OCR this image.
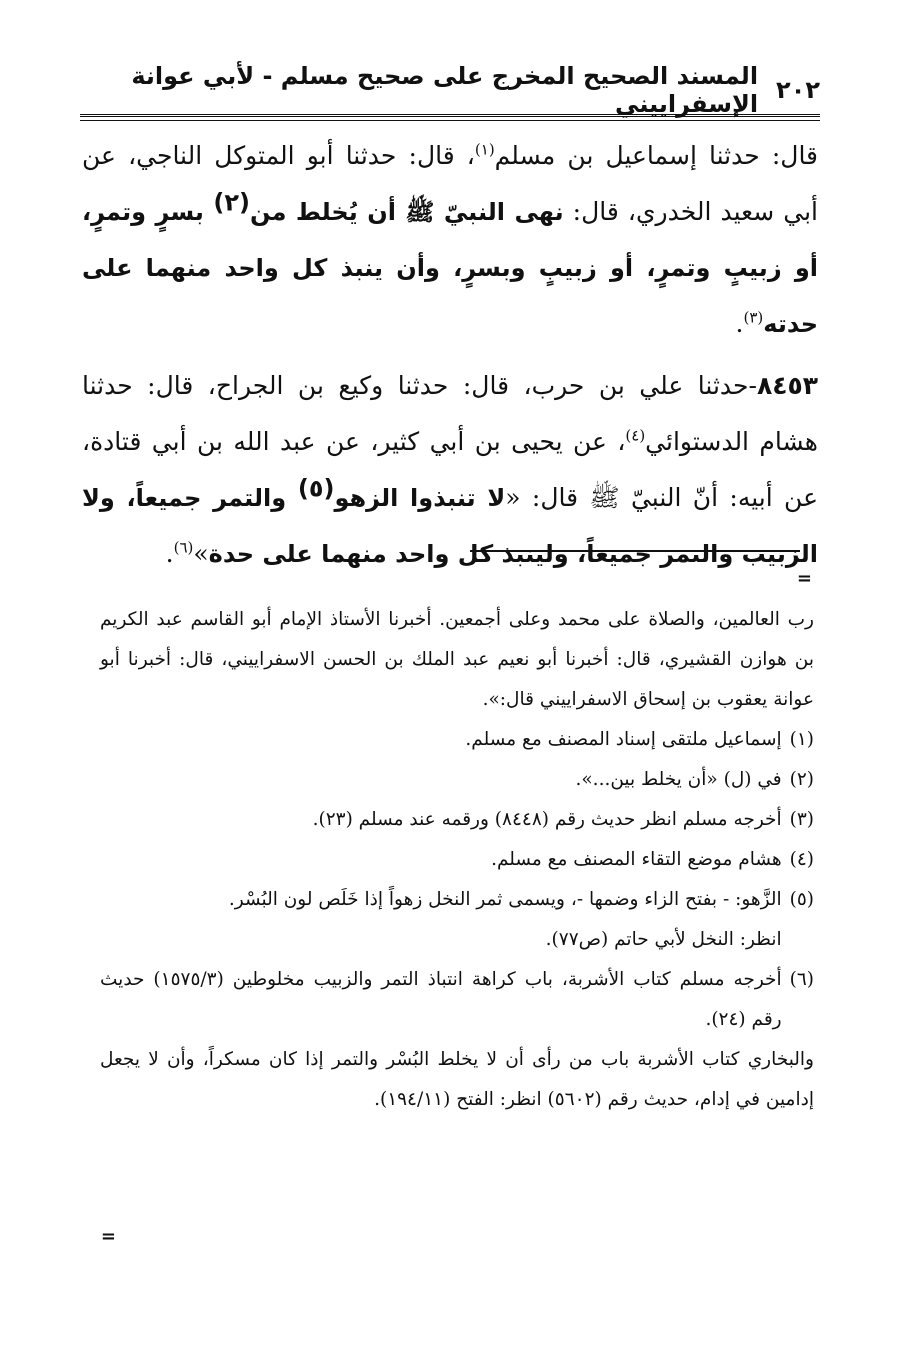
٢٠٢
المسند الصحيح المخرج على صحيح مسلم - لأبي عوانة الإسفراييني

قال: حدثنا إسماعيل بن مسلم$^{(١)}$، قال: حدثنا أبو المتوكل الناجي، عن أبي سعيد الخدري، قال: نهى النبيّ ﷺ أن يُخلط من$^{(٢)}$ بسرٍ وتمرٍ، أو زبيبٍ وتمرٍ، أو زبيبٍ وبسرٍ، وأن ينبذ كل واحد منهما على حدته$^{(٣)}$.

٨٤٥٣-حدثنا علي بن حرب، قال: حدثنا وكيع بن الجراح، قال: حدثنا هشام الدستوائي$^{(٤)}$، عن يحيى بن أبي كثير، عن عبد الله بن أبي قتادة، عن أبيه: أنّ النبيّ ﷺ قال: «لا تنبذوا الزهو$^{(٥)}$ والتمر جميعاً، ولا الزبيب والتمر جميعاً، ولينبذ كل واحد منهما على حدة»$^{(٦)}$.

=

رب العالمين، والصلاة على محمد وعلى أجمعين. أخبرنا الأستاذ الإمام أبو القاسم عبد الكريم بن هوازن القشيري، قال: أخبرنا أبو نعيم عبد الملك بن الحسن الاسفراييني، قال: أخبرنا أبو عوانة يعقوب بن إسحاق الاسفراييني قال:».

(١)
إسماعيل ملتقى إسناد المصنف مع مسلم.
(٢)
في (ل) «أن يخلط بين...».
(٣)
أخرجه مسلم انظر حديث رقم (٨٤٤٨) ورقمه عند مسلم (٢٣).
(٤)
هشام موضع التقاء المصنف مع مسلم.
(٥)
الزَّهو: - بفتح الزاء وضمها -، ويسمى ثمر النخل زهواً إذا خَلَص لون البُسْر.
انظر: النخل لأبي حاتم (ص٧٧).
(٦)
أخرجه مسلم كتاب الأشربة، باب كراهة انتباذ التمر والزبيب مخلوطين (١٥٧٥/٣) حديث رقم (٢٤).

والبخاري كتاب الأشربة باب من رأى أن لا يخلط البُسْر والتمر إذا كان مسكراً، وأن لا يجعل إدامين في إدام، حديث رقم (٥٦٠٢) انظر: الفتح (١٩٤/١١).

=
